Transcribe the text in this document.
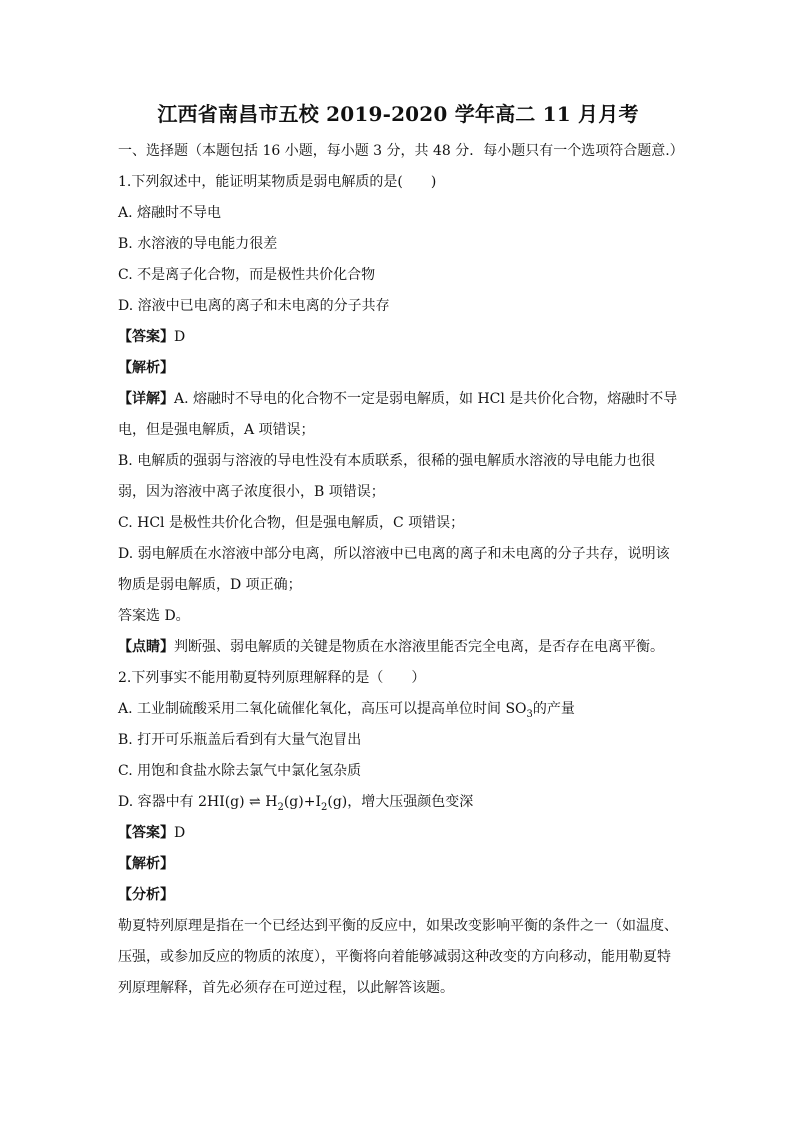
江西省南昌市五校 2019-2020 学年高二 11 月月考
一、选择题（本题包括 16 小题，每小题 3 分，共 48 分．每小题只有一个选项符合题意.）
1.下列叙述中，能证明某物质是弱电解质的是(　　)
A. 熔融时不导电
B. 水溶液的导电能力很差
C. 不是离子化合物，而是极性共价化合物
D. 溶液中已电离的离子和未电离的分子共存
【答案】D
【解析】
【详解】A. 熔融时不导电的化合物不一定是弱电解质，如 HCl 是共价化合物，熔融时不导电，但是强电解质，A 项错误；
B. 电解质的强弱与溶液的导电性没有本质联系，很稀的强电解质水溶液的导电能力也很弱，因为溶液中离子浓度很小，B 项错误；
C. HCl 是极性共价化合物，但是强电解质，C 项错误；
D. 弱电解质在水溶液中部分电离，所以溶液中已电离的离子和未电离的分子共存，说明该物质是弱电解质，D 项正确；
答案选 D。
【点睛】判断强、弱电解质的关键是物质在水溶液里能否完全电离，是否存在电离平衡。
2.下列事实不能用勒夏特列原理解释的是（　　）
A. 工业制硫酸采用二氧化硫催化氧化，高压可以提高单位时间 $SO_3$的产量
B. 打开可乐瓶盖后看到有大量气泡冒出
C. 用饱和食盐水除去氯气中氯化氢杂质
D. 容器中有 2HI(g) ⇌ $H_2(g)+I_2(g)$，增大压强颜色变深
【答案】D
【解析】
【分析】
勒夏特列原理是指在一个已经达到平衡的反应中，如果改变影响平衡的条件之一（如温度、压强，或参加反应的物质的浓度），平衡将向着能够减弱这种改变的方向移动，能用勒夏特列原理解释，首先必须存在可逆过程，以此解答该题。
